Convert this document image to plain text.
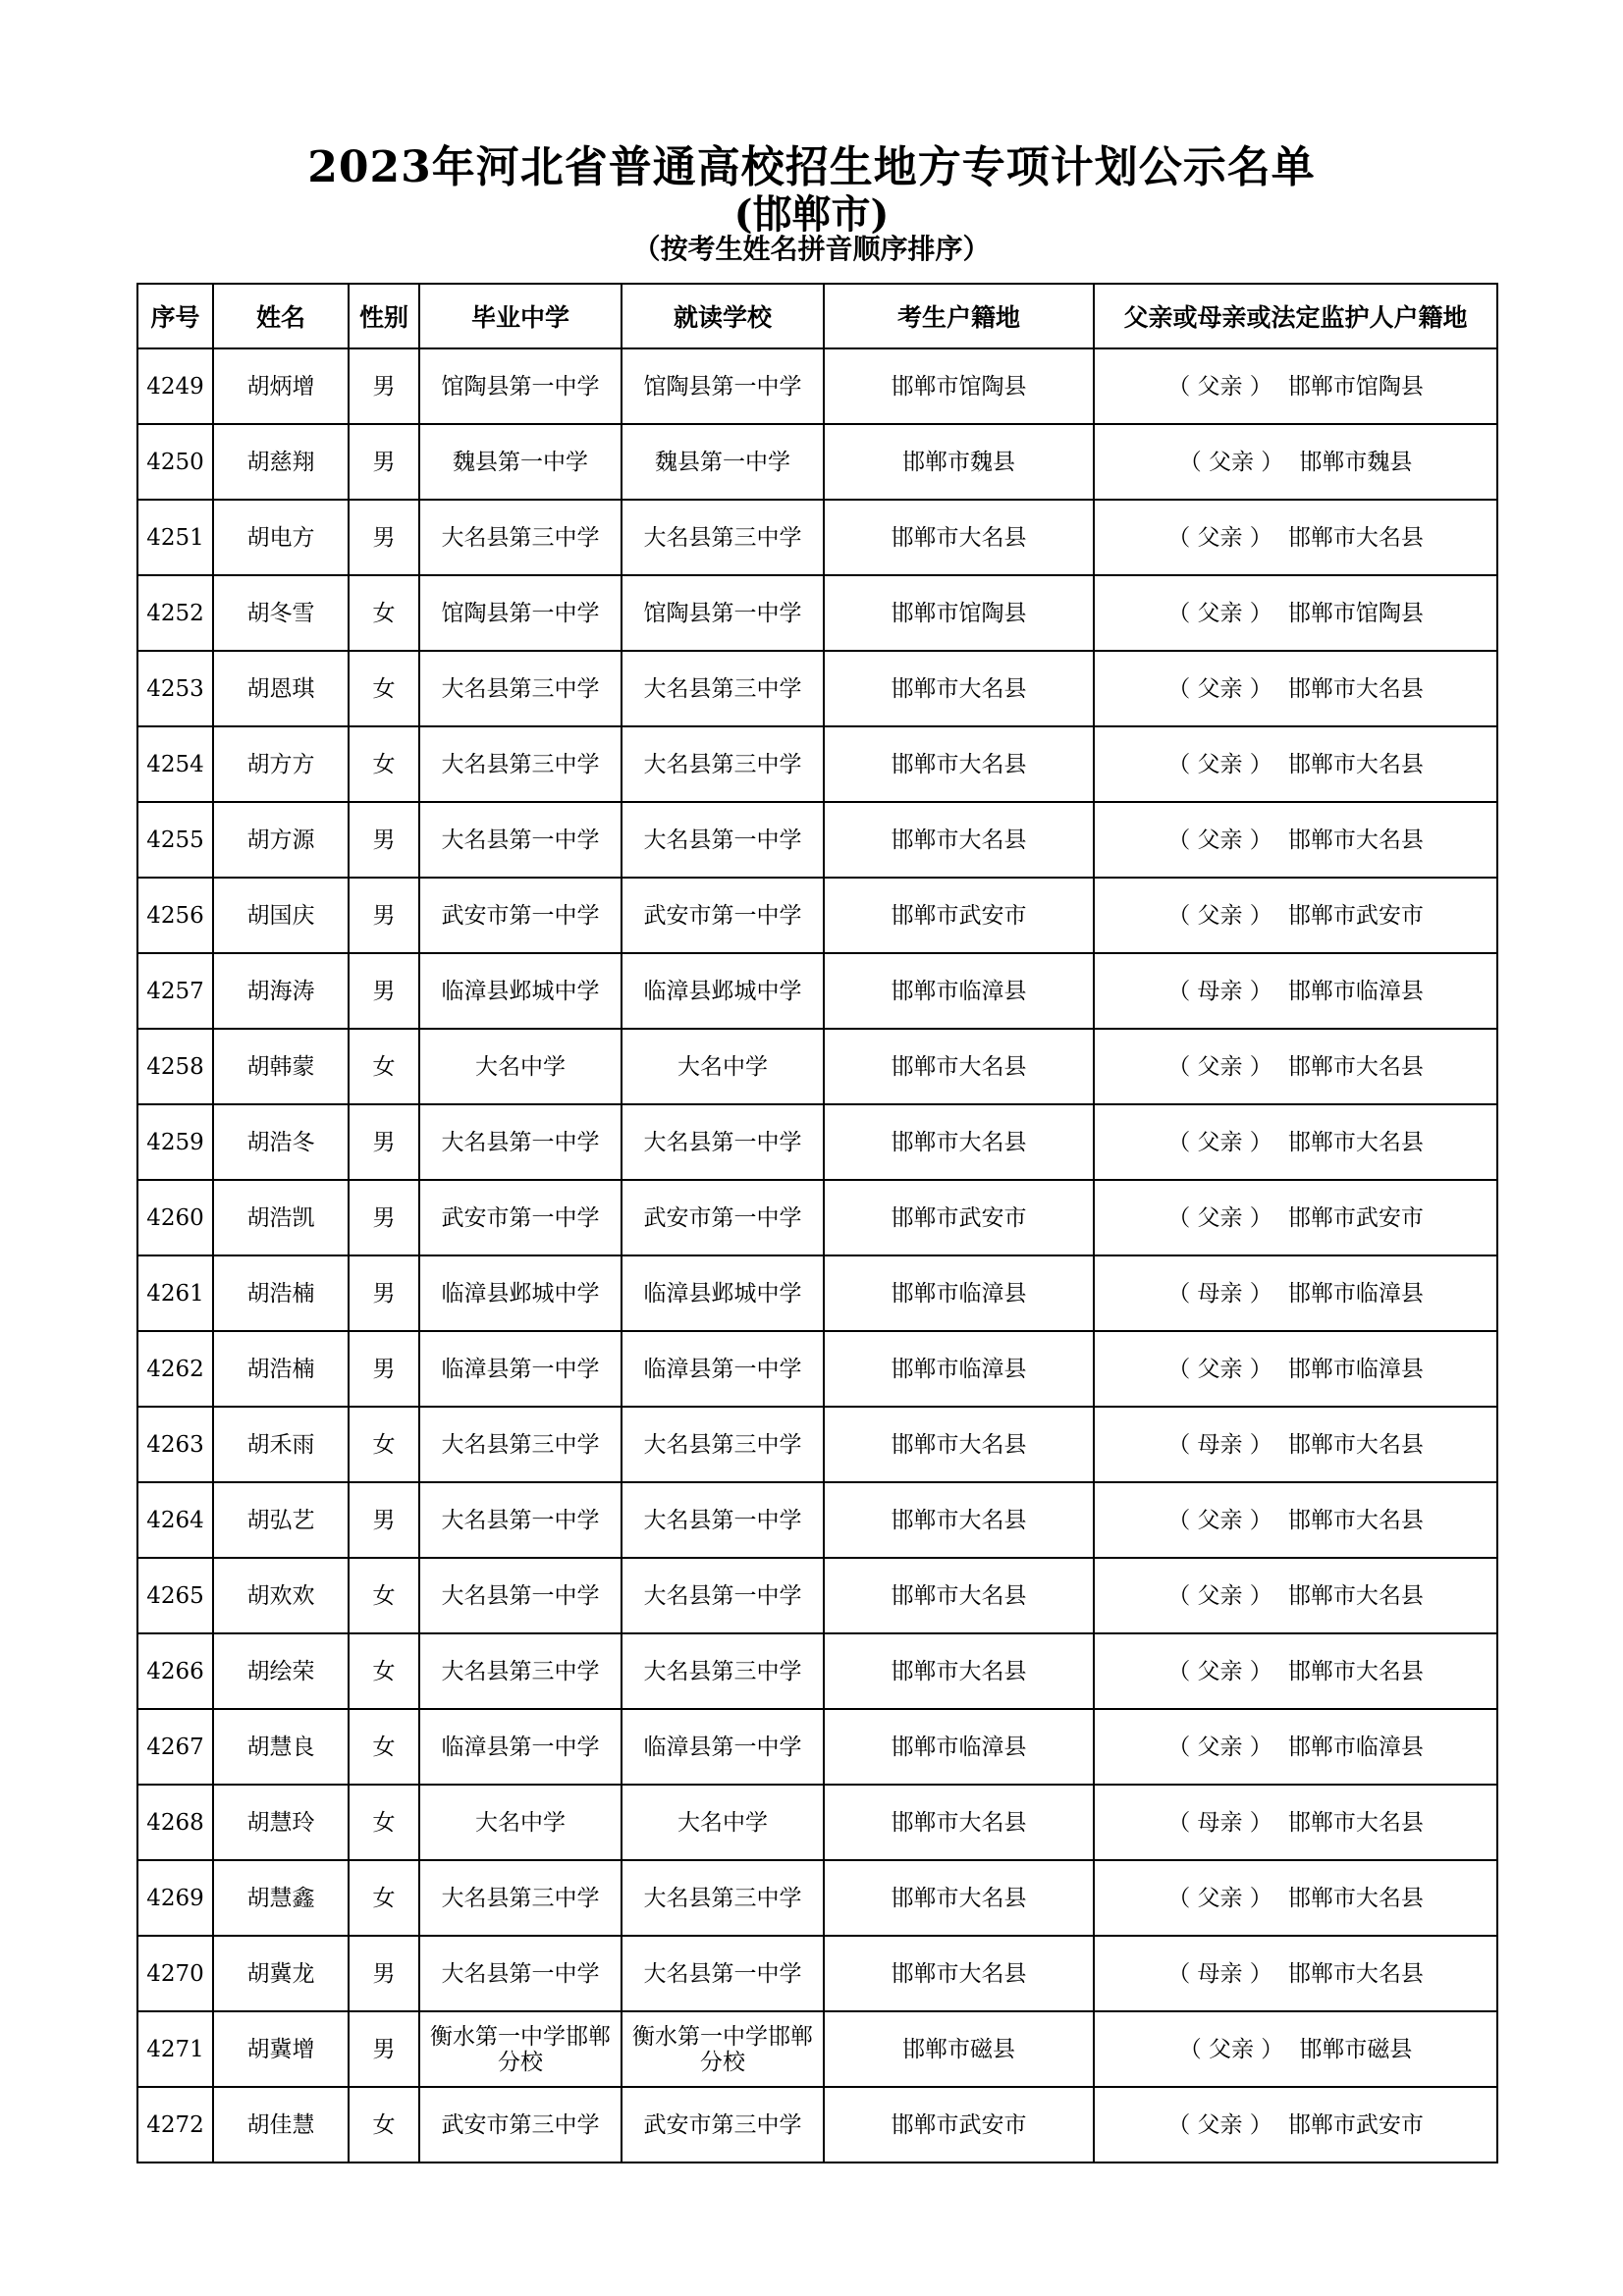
2023年河北省普通高校招生地方专项计划公示名单
(邯郸市)
（按考生姓名拼音顺序排序）
序号	姓名	性别	毕业中学	就读学校	考生户籍地	父亲或母亲或法定监护人户籍地
4249	胡炳增	男	馆陶县第一中学	馆陶县第一中学	邯郸市馆陶县	（ 父亲 ） 邯郸市馆陶县
4250	胡慈翔	男	魏县第一中学	魏县第一中学	邯郸市魏县	（ 父亲 ） 邯郸市魏县
4251	胡电方	男	大名县第三中学	大名县第三中学	邯郸市大名县	（ 父亲 ） 邯郸市大名县
4252	胡冬雪	女	馆陶县第一中学	馆陶县第一中学	邯郸市馆陶县	（ 父亲 ） 邯郸市馆陶县
4253	胡恩琪	女	大名县第三中学	大名县第三中学	邯郸市大名县	（ 父亲 ） 邯郸市大名县
4254	胡方方	女	大名县第三中学	大名县第三中学	邯郸市大名县	（ 父亲 ） 邯郸市大名县
4255	胡方源	男	大名县第一中学	大名县第一中学	邯郸市大名县	（ 父亲 ） 邯郸市大名县
4256	胡国庆	男	武安市第一中学	武安市第一中学	邯郸市武安市	（ 父亲 ） 邯郸市武安市
4257	胡海涛	男	临漳县邺城中学	临漳县邺城中学	邯郸市临漳县	（ 母亲 ） 邯郸市临漳县
4258	胡韩蒙	女	大名中学	大名中学	邯郸市大名县	（ 父亲 ） 邯郸市大名县
4259	胡浩冬	男	大名县第一中学	大名县第一中学	邯郸市大名县	（ 父亲 ） 邯郸市大名县
4260	胡浩凯	男	武安市第一中学	武安市第一中学	邯郸市武安市	（ 父亲 ） 邯郸市武安市
4261	胡浩楠	男	临漳县邺城中学	临漳县邺城中学	邯郸市临漳县	（ 母亲 ） 邯郸市临漳县
4262	胡浩楠	男	临漳县第一中学	临漳县第一中学	邯郸市临漳县	（ 父亲 ） 邯郸市临漳县
4263	胡禾雨	女	大名县第三中学	大名县第三中学	邯郸市大名县	（ 母亲 ） 邯郸市大名县
4264	胡弘艺	男	大名县第一中学	大名县第一中学	邯郸市大名县	（ 父亲 ） 邯郸市大名县
4265	胡欢欢	女	大名县第一中学	大名县第一中学	邯郸市大名县	（ 父亲 ） 邯郸市大名县
4266	胡绘荣	女	大名县第三中学	大名县第三中学	邯郸市大名县	（ 父亲 ） 邯郸市大名县
4267	胡慧良	女	临漳县第一中学	临漳县第一中学	邯郸市临漳县	（ 父亲 ） 邯郸市临漳县
4268	胡慧玲	女	大名中学	大名中学	邯郸市大名县	（ 母亲 ） 邯郸市大名县
4269	胡慧鑫	女	大名县第三中学	大名县第三中学	邯郸市大名县	（ 父亲 ） 邯郸市大名县
4270	胡冀龙	男	大名县第一中学	大名县第一中学	邯郸市大名县	（ 母亲 ） 邯郸市大名县
4271	胡冀增	男	衡水第一中学邯郸分校	衡水第一中学邯郸分校	邯郸市磁县	（ 父亲 ） 邯郸市磁县
4272	胡佳慧	女	武安市第三中学	武安市第三中学	邯郸市武安市	（ 父亲 ） 邯郸市武安市
